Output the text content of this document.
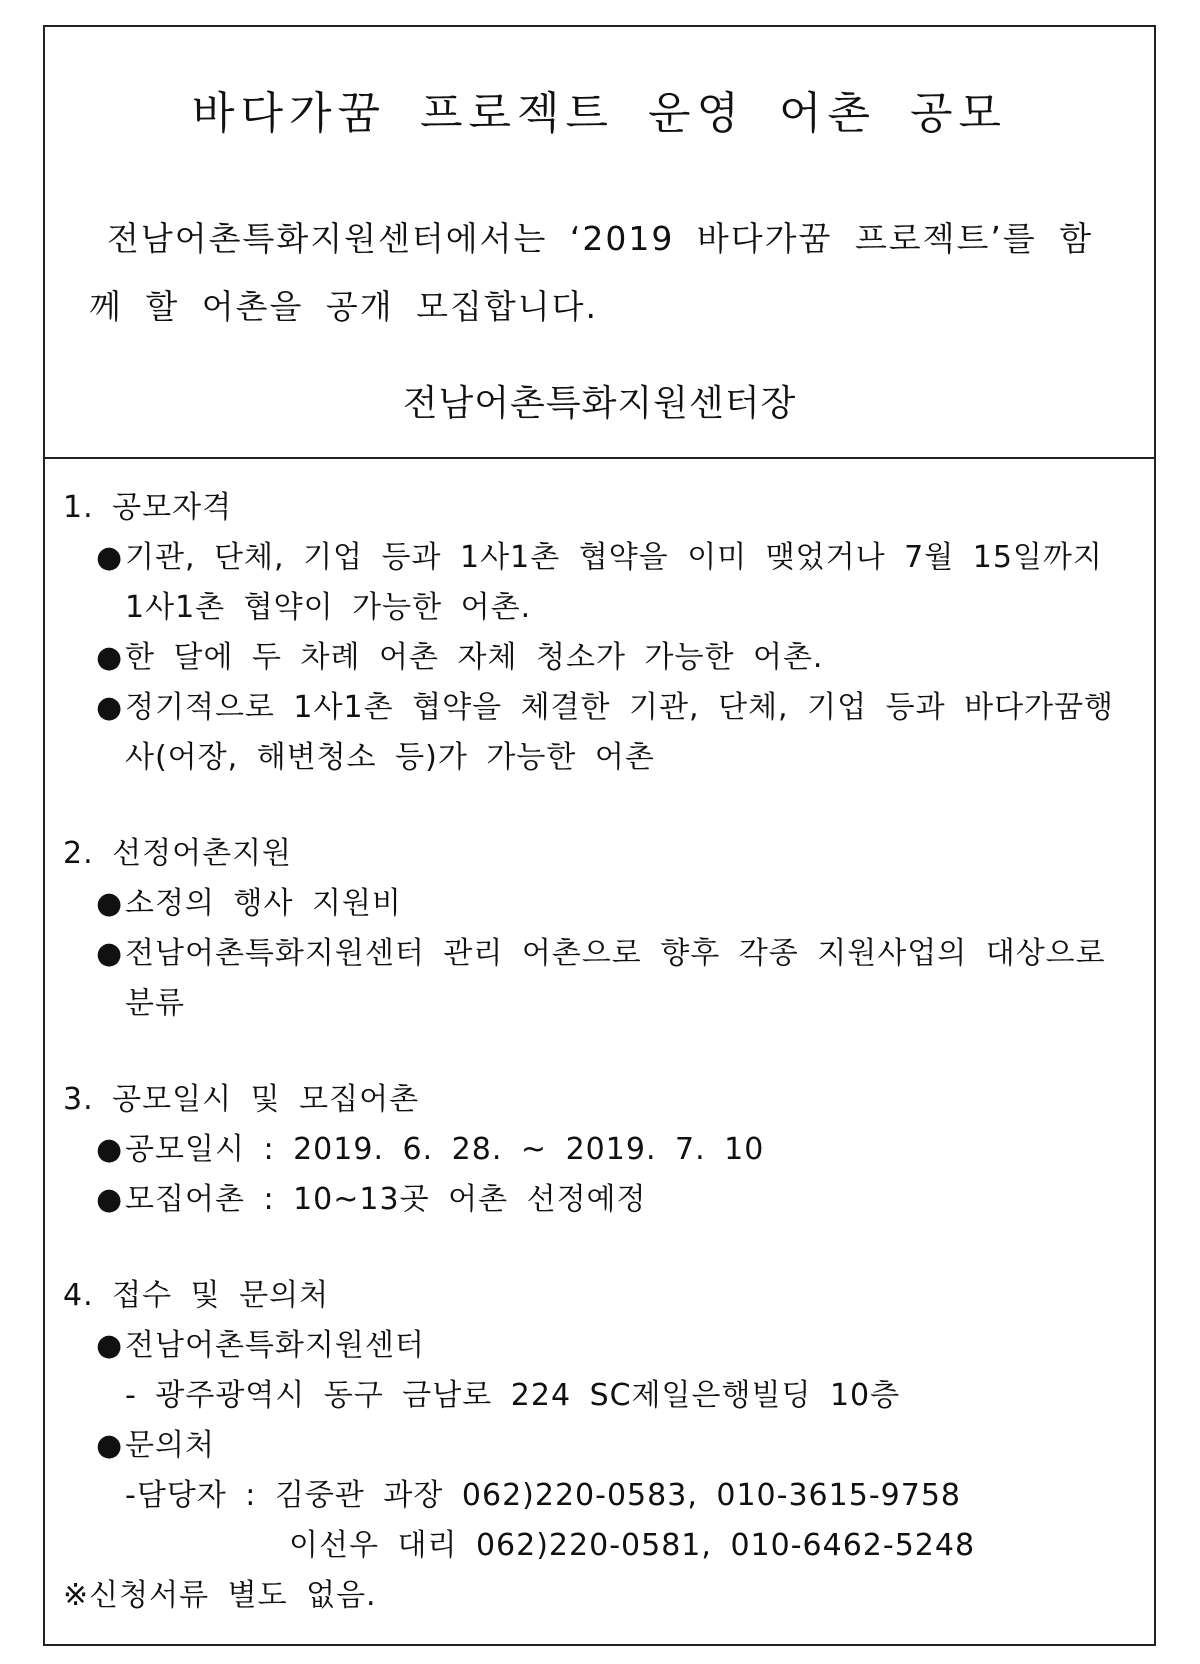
바다가꿈 프로젝트 운영 어촌 공모
전남어촌특화지원센터에서는 ‘2019 바다가꿈 프로젝트’를 함께 할 어촌을 공개 모집합니다.
전남어촌특화지원센터장
1. 공모자격
● 기관, 단체, 기업 등과 1사1촌 협약을 이미 맺었거나 7월 15일까지 1사1촌 협약이 가능한 어촌.
● 한 달에 두 차례 어촌 자체 청소가 가능한 어촌.
● 정기적으로 1사1촌 협약을 체결한 기관, 단체, 기업 등과 바다가꿈행사(어장, 해변청소 등)가 가능한 어촌
2. 선정어촌지원
● 소정의 행사 지원비
● 전남어촌특화지원센터 관리 어촌으로 향후 각종 지원사업의 대상으로 분류
3. 공모일시 및 모집어촌
● 공모일시 : 2019. 6. 28. ~ 2019. 7. 10
● 모집어촌 : 10~13곳 어촌 선정예정
4. 접수 및 문의처
● 전남어촌특화지원센터
- 광주광역시 동구 금남로 224 SC제일은행빌딩 10층
● 문의처
-담당자 : 김중관 과장 062)220-0583, 010-3615-9758
이선우 대리 062)220-0581, 010-6462-5248
※신청서류 별도 없음.
